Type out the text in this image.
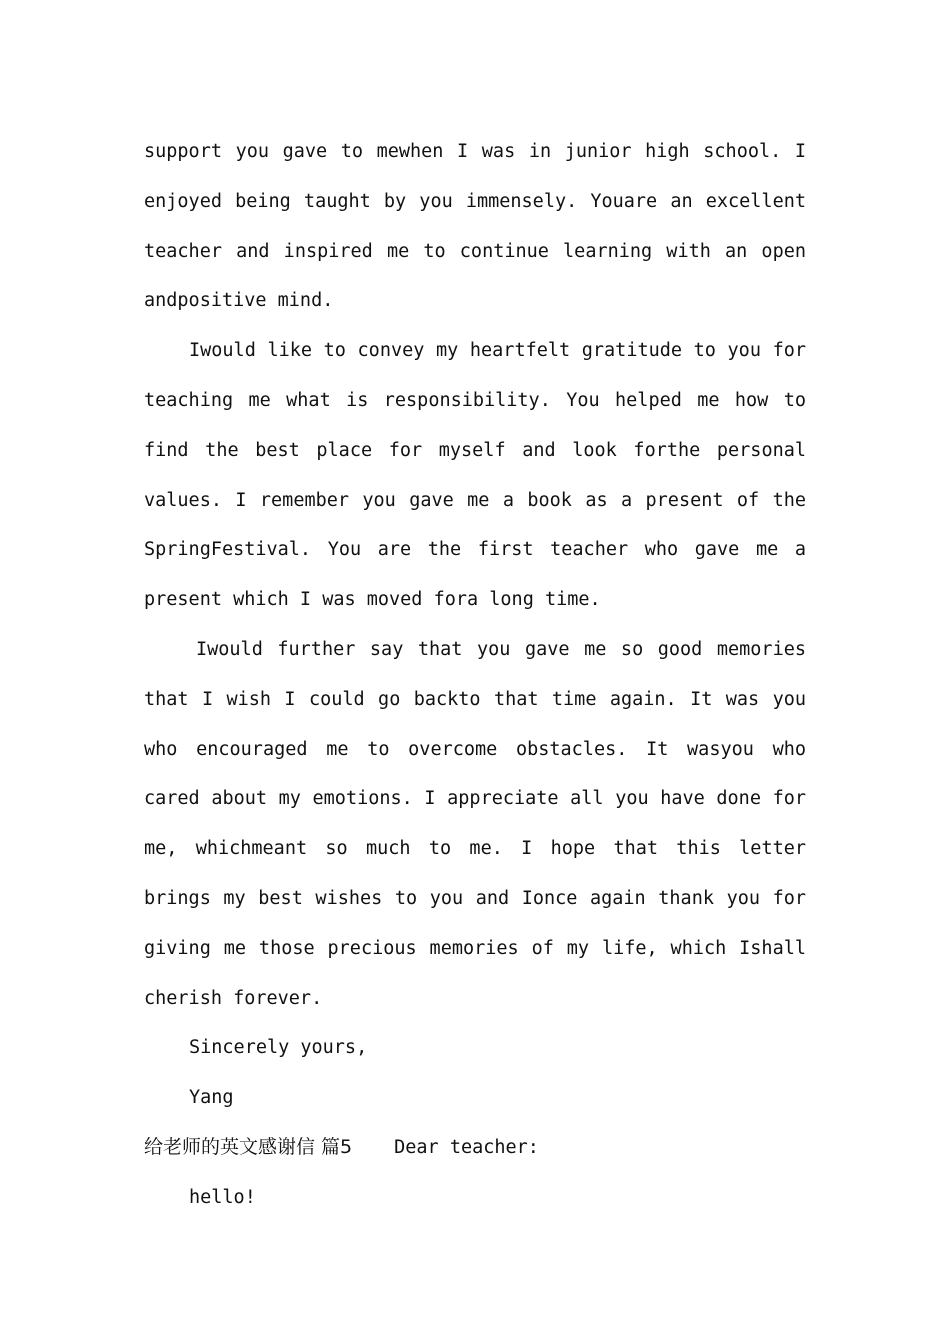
support you gave to mewhen I was in junior high school. I enjoyed being taught by you immensely. Youare an excellent teacher and inspired me to continue learning with an open andpositive mind.

Iwould like to convey my heartfelt gratitude to you for teaching me what is responsibility. You helped me how to find the best place for myself and look forthe personal values. I remember you gave me a book as a present of the SpringFestival. You are the first teacher who gave me a present which I was moved fora long time.

Iwould further say that you gave me so good memories that I wish I could go backto that time again. It was you who encouraged me to overcome obstacles. It wasyou who cared about my emotions. I appreciate all you have done for me, whichmeant so much to me. I hope that this letter brings my best wishes to you and Ionce again thank you for giving me those precious memories of my life, which Ishall cherish forever.

Sincerely yours,

Yang

给老师的英文感谢信 篇5 Dear teacher:

hello!
